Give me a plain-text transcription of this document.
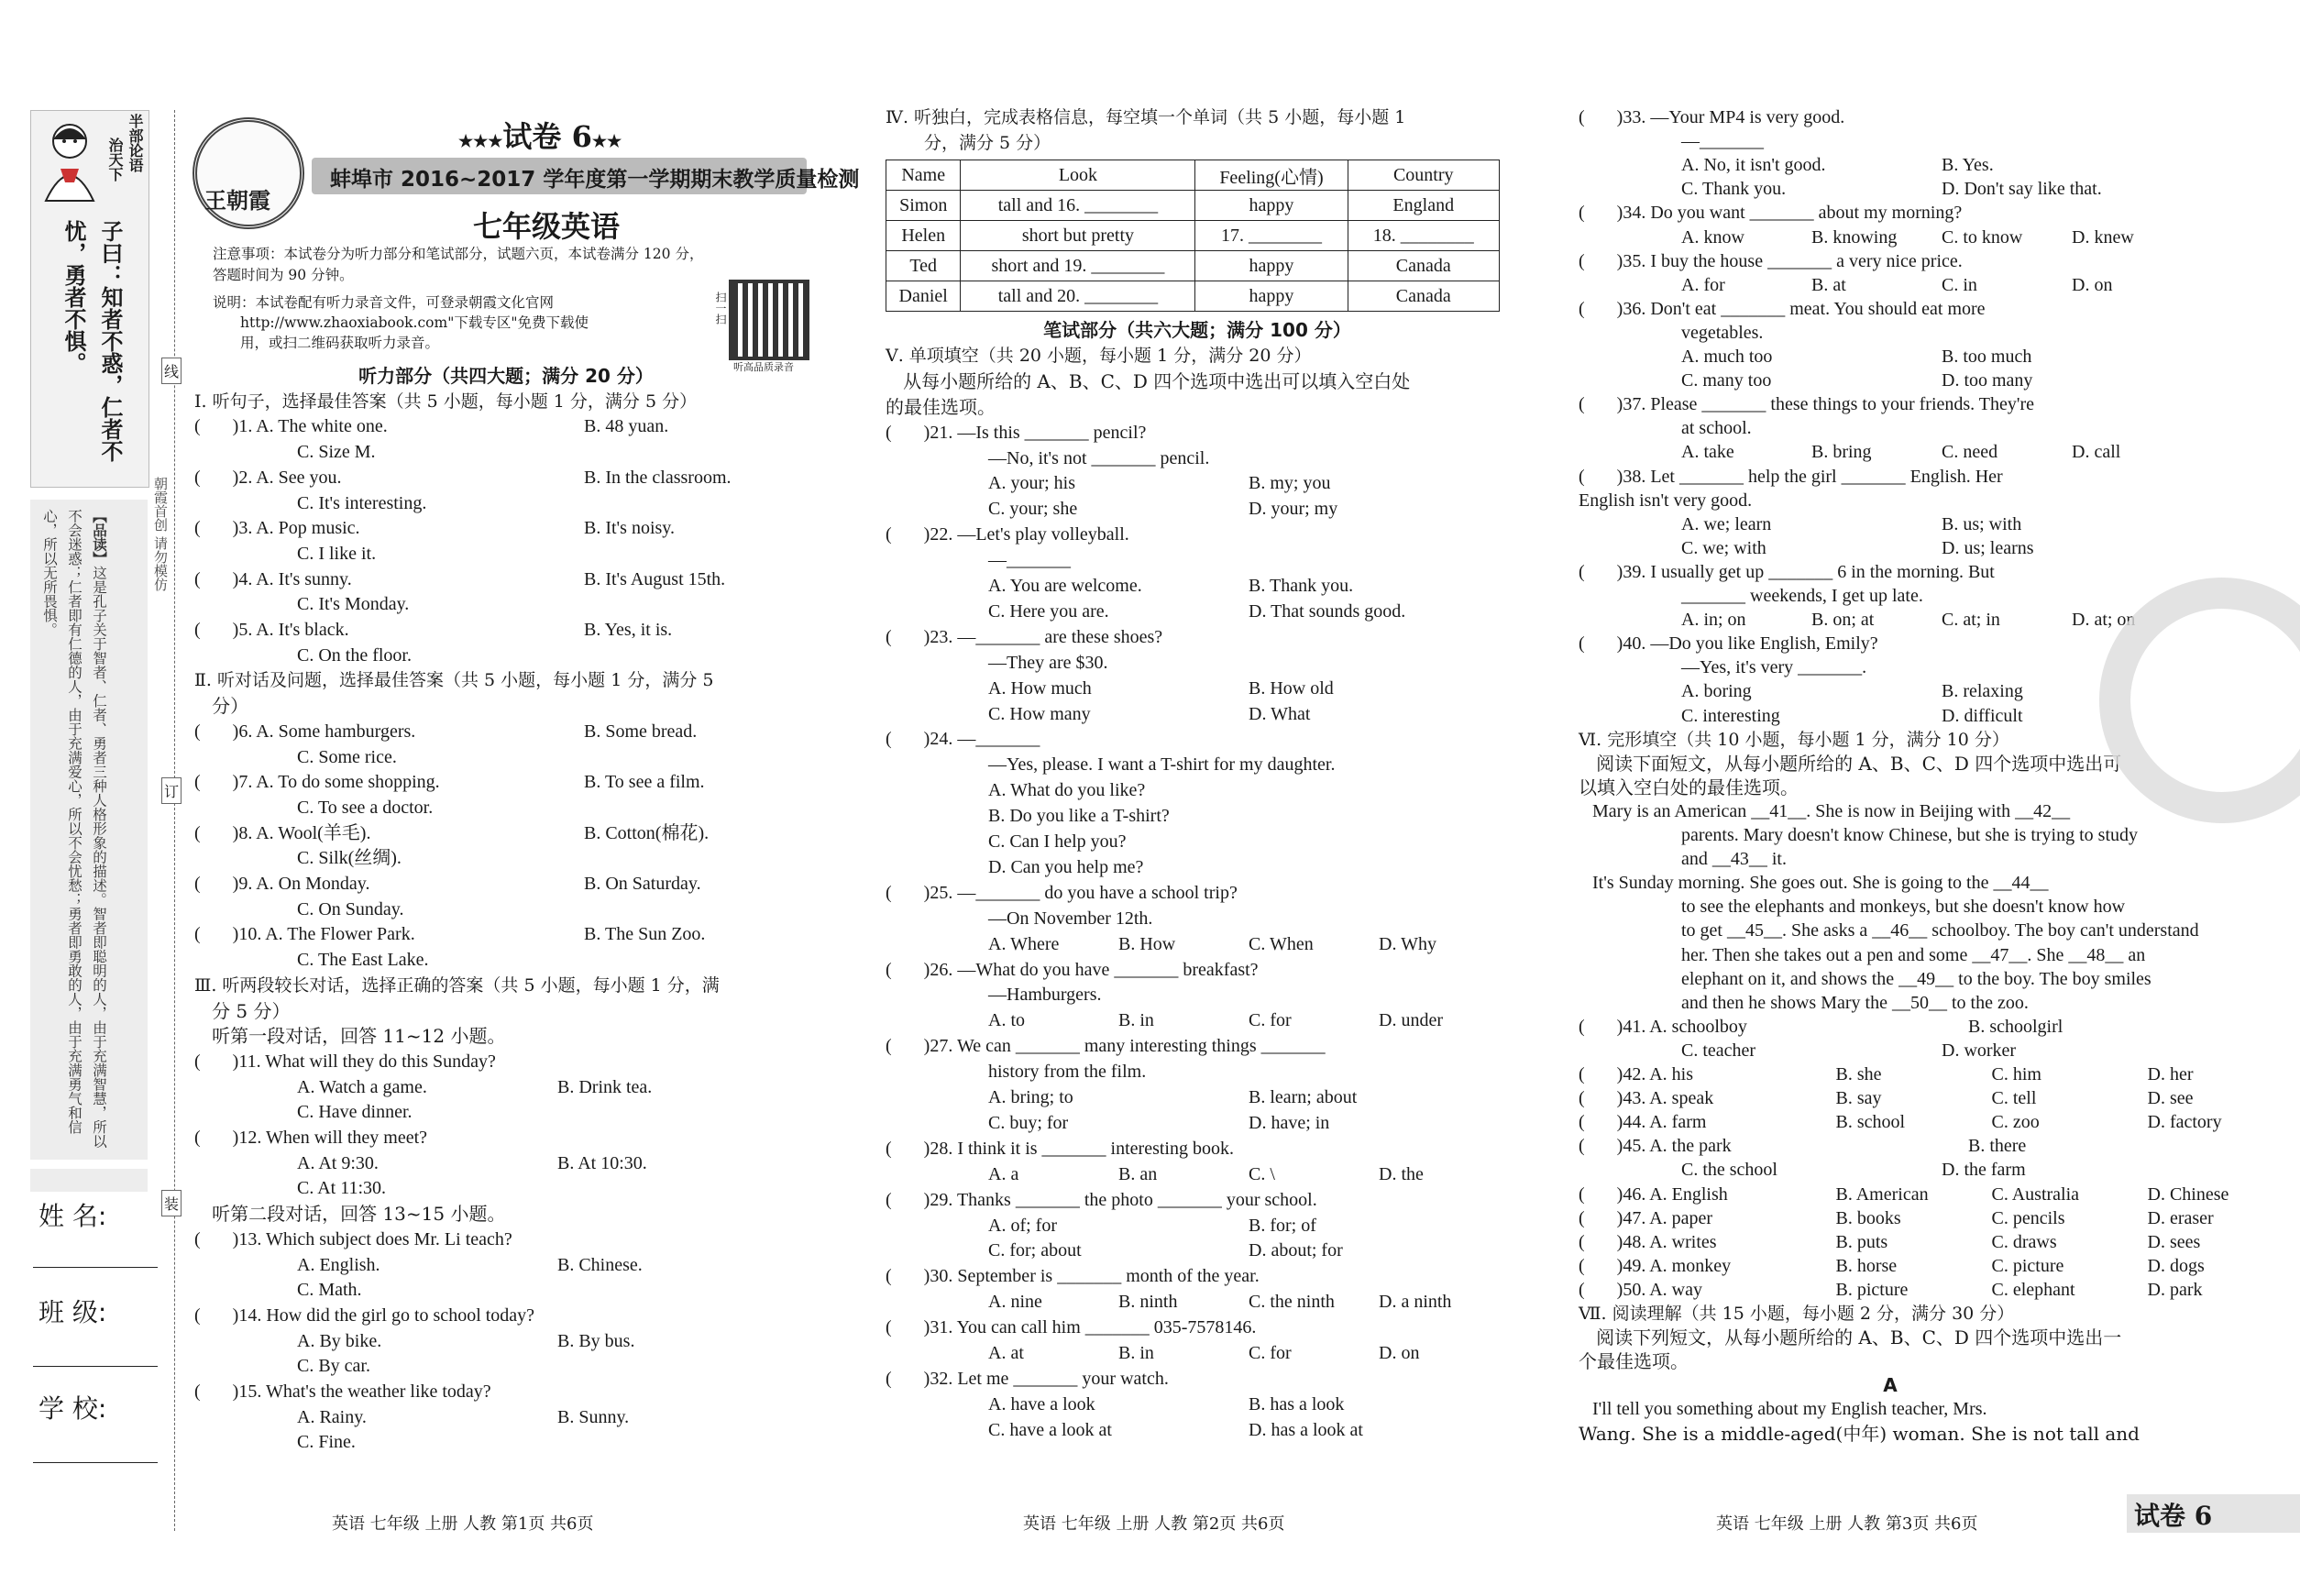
半部论语
治天下
子曰：知者不惑，仁者不忧，勇者不惧。
【品读】这是孔子关于智者、仁者、勇者三种人格形象的描述。智者即聪明的人，由于充满智慧，所以不会迷惑；仁者即有仁德的人，由于充满爱心，所以不会忧愁；勇者即勇敢的人，由于充满勇气和信心，所以无所畏惧。	朝霞首创 请勿模仿
线
订
装
姓 名:
班 级:
学 校:
王朝霞
★★★试卷 6★★
蚌埠市 2016~2017 学年度第一学期期末教学质量检测
七年级英语
注意事项：本试卷分为听力部分和笔试部分，试题六页，本试卷满分 120 分，
答题时间为 90 分钟。
说明：本试卷配有听力录音文件，可登录朝霞文化官网
http://www.zhaoxiabook.com"下载专区"免费下载使
用，或扫二维码获取听力录音。
扫一扫
听高品质录音
听力部分（共四大题；满分 20 分）
Ⅰ. 听句子，选择最佳答案（共 5 小题，每小题 1 分，满分 5 分）
(       )1. A. The white one.	B. 48 yuan.
C. Size M.
(       )2. A. See you.	B. In the classroom.
C. It's interesting.
(       )3. A. Pop music.	B. It's noisy.
C. I like it.
(       )4. A. It's sunny.	B. It's August 15th.
C. It's Monday.
(       )5. A. It's black.	B. Yes, it is.
C. On the floor.
Ⅱ. 听对话及问题，选择最佳答案（共 5 小题，每小题 1 分，满分 5
分）
(       )6. A. Some hamburgers.	B. Some bread.
C. Some rice.
(       )7. A. To do some shopping.	B. To see a film.
C. To see a doctor.
(       )8. A. Wool(羊毛).	B. Cotton(棉花).
C. Silk(丝绸).
(       )9. A. On Monday.	B. On Saturday.
C. On Sunday.
(       )10. A. The Flower Park.	B. The Sun Zoo.
C. The East Lake.
Ⅲ. 听两段较长对话，选择正确的答案（共 5 小题，每小题 1 分，满
分 5 分）
听第一段对话，回答 11~12 小题。
(       )11. What will they do this Sunday?
A. Watch a game.	B. Drink tea.
C. Have dinner.
(       )12. When will they meet?
A. At 9:30.	B. At 10:30.
C. At 11:30.
听第二段对话，回答 13~15 小题。
(       )13. Which subject does Mr. Li teach?
A. English.	B. Chinese.
C. Math.
(       )14. How did the girl go to school today?
A. By bike.	B. By bus.
C. By car.
(       )15. What's the weather like today?
A. Rainy.	B. Sunny.
C. Fine.
Ⅳ. 听独白，完成表格信息，每空填一个单词（共 5 小题，每小题 1
分，满分 5 分）
Name	Look	Feeling(心情)	Country
Simon	tall and 16. ________	happy	England
Helen	short but pretty	17. ________	18. ________
Ted	short and 19. ________	happy	Canada
Daniel	tall and 20. ________	happy	Canada
笔试部分（共六大题；满分 100 分）
Ⅴ. 单项填空（共 20 小题，每小题 1 分，满分 20 分）
从每小题所给的 A、B、C、D 四个选项中选出可以填入空白处
的最佳选项。
(       )21. —Is this _______ pencil?
—No, it's not _______ pencil.
A. your; his	B. my; you
C. your; she	D. your; my
(       )22. —Let's play volleyball.
—_______
A. You are welcome.	B. Thank you.
C. Here you are.	D. That sounds good.
(       )23. —_______ are these shoes?
—They are $30.
A. How much	B. How old
C. How many	D. What
(       )24. —_______
—Yes, please. I want a T-shirt for my daughter.
A. What do you like?
B. Do you like a T-shirt?
C. Can I help you?
D. Can you help me?
(       )25. —_______ do you have a school trip?
—On November 12th.
A. Where	B. How	C. When	D. Why
(       )26. —What do you have _______ breakfast?
—Hamburgers.
A. to	B. in	C. for	D. under
(       )27. We can _______ many interesting things _______
history from the film.
A. bring; to	B. learn; about
C. buy; for	D. have; in
(       )28. I think it is _______ interesting book.
A. a	B. an	C. \	D. the
(       )29. Thanks _______ the photo _______ your school.
A. of; for	B. for; of
C. for; about	D. about; for
(       )30. September is _______ month of the year.
A. nine	B. ninth	C. the ninth D. a ninth
(       )31. You can call him _______ 035-7578146.
A. at	B. in	C. for	D. on
(       )32. Let me _______ your watch.
A. have a look	B. has a look
C. have a look at	D. has a look at
(       )33. —Your MP4 is very good.
—_______
A. No, it isn't good.	B. Yes.
C. Thank you.	D. Don't say like that.
(       )34. Do you want _______ about my morning?
A. know	B. knowing C. to know	D. knew
(       )35. I buy the house _______ a very nice price.
A. for	B. at	C. in	D. on
(       )36. Don't eat _______ meat. You should eat more
vegetables.
A. much too	B. too much
C. many too	D. too many
(       )37. Please _______ these things to your friends. They're
at school.
A. take	B. bring	C. need	D. call
(       )38. Let _______ help the girl _______ English. Her
English isn't very good.
A. we; learn	B. us; with
C. we; with	D. us; learns
(       )39. I usually get up _______ 6 in the morning. But
_______ weekends, I get up late.
A. in; on	B. on; at	C. at; in	D. at; on
(       )40. —Do you like English, Emily?
—Yes, it's very _______.
A. boring	B. relaxing
C. interesting	D. difficult
Ⅵ. 完形填空（共 10 小题，每小题 1 分，满分 10 分）
阅读下面短文，从每小题所给的 A、B、C、D 四个选项中选出可
以填入空白处的最佳选项。
Mary is an American __41__. She is now in Beijing with __42__
parents. Mary doesn't know Chinese, but she is trying to study
and __43__ it.
It's Sunday morning. She goes out. She is going to the __44__
to see the elephants and monkeys, but she doesn't know how
to get __45__. She asks a __46__ schoolboy. The boy can't understand
her. Then she takes out a pen and some __47__. She __48__ an
elephant on it, and shows the __49__ to the boy. The boy smiles
and then he shows Mary the __50__ to the zoo.
(       )41. A. schoolboy	B. schoolgirl
C. teacher	D. worker
(       )42. A. his	B. she	C. him	D. her
(       )43. A. speak	B. say	C. tell	D. see
(       )44. A. farm	B. school	C. zoo	D. factory
(       )45. A. the park	B. there
C. the school	D. the farm
(       )46. A. English	B. American	C. Australia	D. Chinese
(       )47. A. paper	B. books	C. pencils	D. eraser
(       )48. A. writes	B. puts	C. draws	D. sees
(       )49. A. monkey	B. horse	C. picture	D. dogs
(       )50. A. way	B. picture	C. elephant	D. park
Ⅶ. 阅读理解（共 15 小题，每小题 2 分，满分 30 分）
阅读下列短文，从每小题所给的 A、B、C、D 四个选项中选出一
个最佳选项。
A
I'll tell you something about my English teacher, Mrs.
Wang. She is a middle-aged(中年) woman. She is not tall and
英语 七年级 上册 人教 第1页 共6页	英语 七年级 上册 人教 第2页 共6页	英语 七年级 上册 人教 第3页 共6页	试卷 6
